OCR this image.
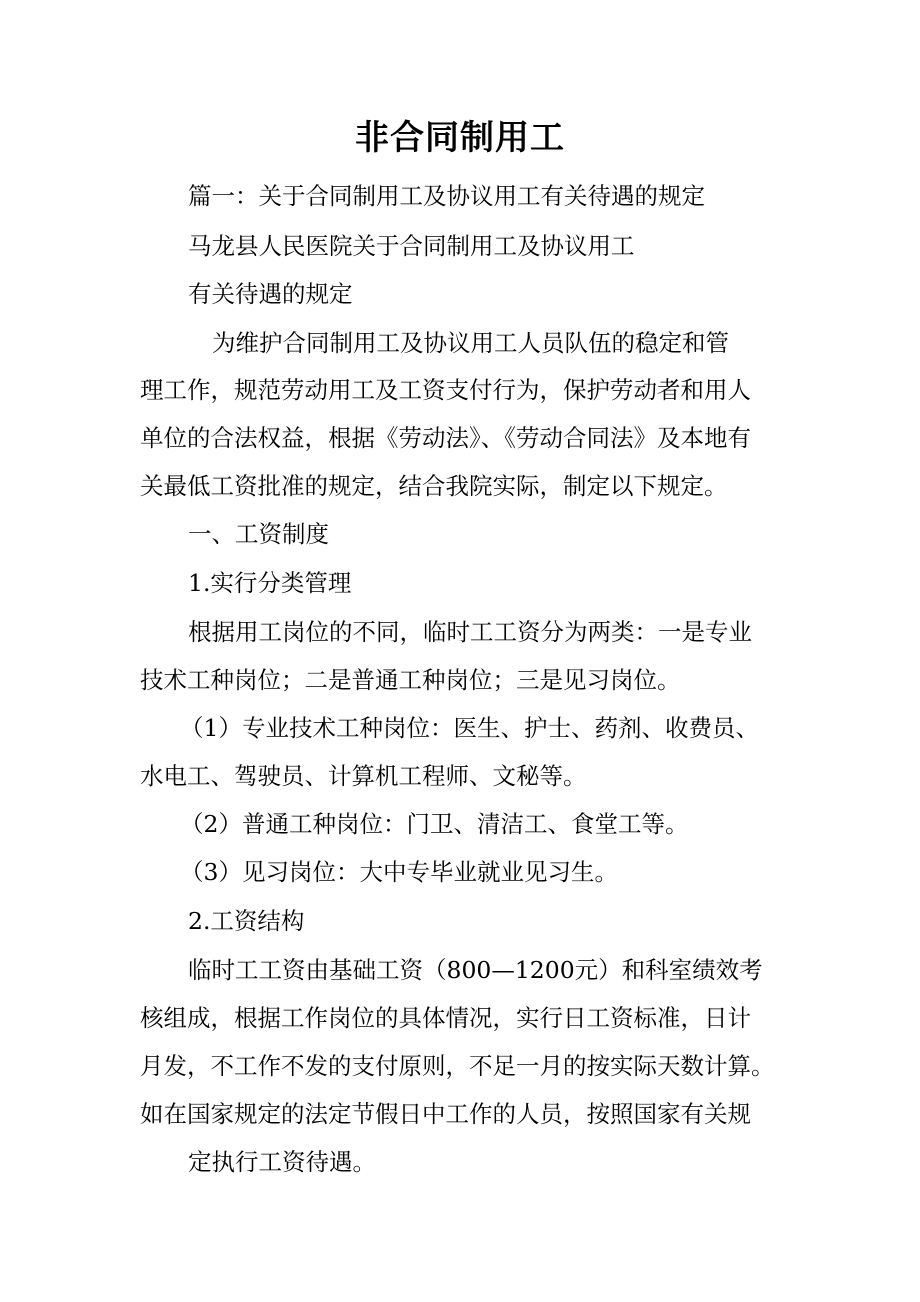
非合同制用工
篇一：关于合同制用工及协议用工有关待遇的规定
马龙县人民医院关于合同制用工及协议用工
有关待遇的规定
为维护合同制用工及协议用工人员队伍的稳定和管
理工作，规范劳动用工及工资支付行为，保护劳动者和用人
单位的合法权益，根据《劳动法》、《劳动合同法》及本地有
关最低工资批准的规定，结合我院实际，制定以下规定。
一、工资制度
1.实行分类管理
根据用工岗位的不同，临时工工资分为两类：一是专业
技术工种岗位；二是普通工种岗位；三是见习岗位。
（1）专业技术工种岗位：医生、护士、药剂、收费员、
水电工、驾驶员、计算机工程师、文秘等。
（2）普通工种岗位：门卫、清洁工、食堂工等。
（3）见习岗位：大中专毕业就业见习生。
2.工资结构
临时工工资由基础工资（800—1200元）和科室绩效考
核组成，根据工作岗位的具体情况，实行日工资标准，日计
月发，不工作不发的支付原则，不足一月的按实际天数计算。
如在国家规定的法定节假日中工作的人员，按照国家有关规
定执行工资待遇。
